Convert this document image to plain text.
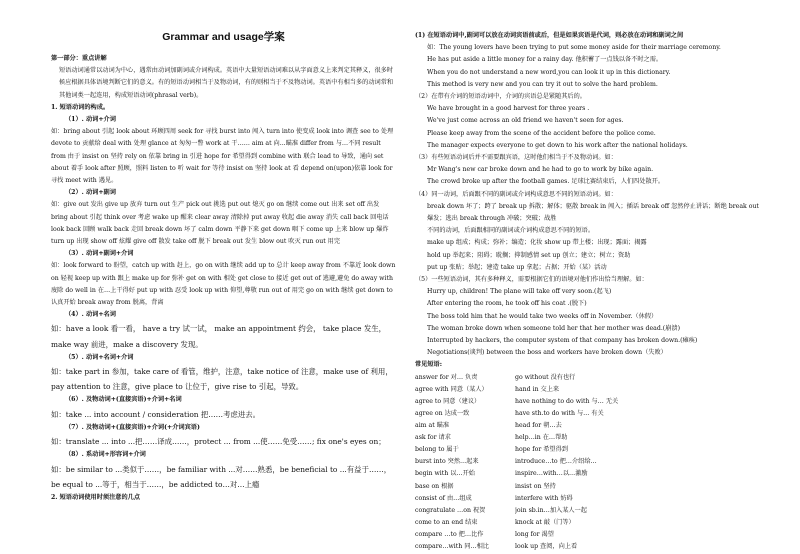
Grammar and usage学案
第一部分：重点讲解
短语动词通常以动词为中心，遇常由动词加副词或介词构成。英语中大量短语动词难以从字面意义上来判定其释义，很多时候应根据具体语境判断它们的意义。有的短语动词相当于及物动词，有的则相当于不及物动词。英语中有相当多的动词常和其他词类一起连用，构成短语动词(phrasal verb)。
1. 短语动词的构成。
（1）. 动词+介词
如：bring about 引起 look about 环顾四周 seek for 寻找 burst into 闯入 turn into 使变成 look into 调查 see to 处理 devote to 贡献给 deal with 处理 glance at 匆匆一瞥 work at 干…… aim at 向...瞄准 differ from 与…不同 result from 由于 insist on 坚持 rely on 依靠 bring in 引进 hope for 希望得到 combine with 联合 lead to 导致，通向 set about 着手 look after 照顾，照料 listen to 听 wait for 等待 insist on 坚持 look at 看 depend on(upon)依靠 look for 寻找 meet with 遇见。
（2）. 动词+副词
如：give out 发出 give up 放弃 turn out 生产 pick out 挑选 put out 熄灭 go on 继续 come out 出来 set off 出发 bring about 引起 think over 考虑 wake up 醒来 clear away 清除掉 put away 收起 die away 消失 call back 回电话 look back 回顾 walk back 走回 break down 坏了 calm down 平静下来 get down 咽下 come up 上来 blow up 爆炸 turn up 出现 show off 炫耀 give off 散发 take off 脱下 break out 发生 blow out 吹灭 run out 用完
（3）. 动词+副词+介词
如：look forward to 盼望，catch up with 赶上，go on with 继续 add up to 总计 keep away from 不靠近 look down on 轻视 keep up with 跟上 make up for 弥补 get on with 相处 get close to 接近 get out of 逃避,避免 do away with 废除 do well in 在…上干得好 put up with 忍受 look up with 仰望,尊敬 run out of 用完 go on with 继续 get down to 认真开始 break away from 脱离，背离
（4）. 动词+名词
如：have a look 看一看， have a try 试一试， make an appointment 约会， take place 发生， make way 前进，make a discovery 发现。
（5）. 动词+名词+介词
如：take part in 参加，take care of 看管，维护，注意，take notice of 注意，make use of 利用，pay attention to 注意，give place to 让位于，give rise to 引起，导致。
（6）. 及物动词+(直接宾语)+介词+名词
如：take ... into account / consideration 把……考虑进去。
（7）. 及物动词+(直接宾语)+介词(+介词宾语)
如：translate ... into ...把……译成……，protect ... from ...使……免受……; fix one's eyes on；
（8）. 系动词+形容词+介词
如：be similar to ...类似于……，be familiar with ...对……熟悉，be beneficial to ...有益于……，be equal to ...等于，相当于……，be addicted to…对…上瘾
2. 短语动词使用时须注意的几点
(1) 在短语动词中,副词可以放在动词宾语前或后，但是如果宾语是代词，则必放在动词和副词之间
如：The young lovers have been trying to put some money aside for their marriage ceremony.
He has put aside a little money for a rainy day. 他积蓄了一点钱以备不时之需。
When you do not understand a new word,you can look it up in this dictionary.
This method is very new and you can try it out to solve the hard problem.
（2）在带有介词的短语动词中，介词的宾语总是紧随其后的。
We have brought in a good harvest for three years .
We've just come across an old friend we haven't seen for ages.
Please keep away from the scene of the accident before the police come.
The manager expects everyone to get down to his work after the national holidays.
（3）有些短语动词后并不需要跟宾语，这时他们相当于不及物动词。如：
Mr Wang's new car broke down and he had to go to work by bike again.
The crowd broke up after the football games. 足球比赛结束后，人们四处散开。
（4）同一动词，后面跟不同的副词或介词构成意思不同的短语动词。如：
break down 坏了；跨了 break up 拆散；解体；驱散 break in 闯入；插话 break off 忽然停止讲话；断绝 break out 爆发；逃出 break through 冲破；突破；战胜
不同的动词，后面跟相同的副词或介词构成意思不同的短语。
make up 组成；构成；弥补；编造；化妆 show up 带上楼；出现；露面；揭露
hold up 举起来；阻碍；耽搁；抑制感情 set up 创立；建立；树立；资助
put up 张贴；举起；建造 take up 拿起；占据；开始（某）活动
（5）一些短语动词，其有多种释义，需要根据它们的语境对他们作出恰当理解。如：
Hurry up, children! The plane will take off very soon.(起飞)
After entering the room, he took off his coat .(脱下)
The boss told him that he would take two weeks off in November.（休假）
The woman broke down when someone told her that her mother was dead.(崩溃)
Interrupted by hackers, the computer system of that company has broken down.(瘫痪)
Negotiations(谈判) between the boss and workers have broken down（失败）
常见短语:
answer for 对… 负责	go without 没有也行
agree with 同意（某人）	hand in 交上来
agree to 同意（建议）	have nothing to do with 与… 无关
agree on 达成一致	have sth.to do with 与… 有关
aim at 瞄准	head for 朝…去
ask for 请求	help…in 在…帮助
belong to 属于	hope for 希望得到
burst into 突然…起来	introduce…to 把…介绍给…
begin with 以…开始	inspire…with…以…激励
base on 根据	insist on 坚持
consist of 由…组成	interfere with 妨碍
congratulate …on 祝贺	join sb.in…加入某人一起
come to an end 结束	knock at 敲（门等）
compare …to 把…比作	long for 渴望
compare…with 同…相比	look up 查阅，向上看
